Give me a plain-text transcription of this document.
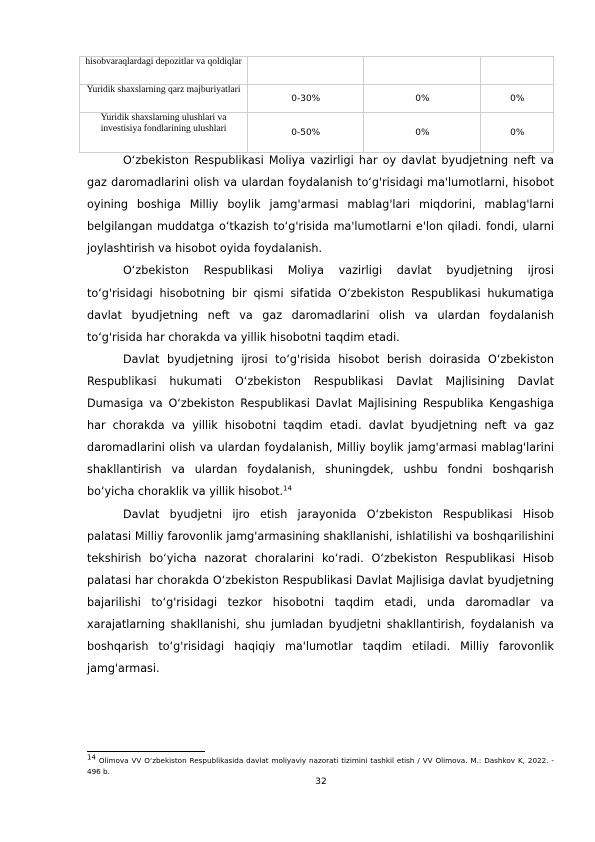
hisobvaraqlardagi depozitlar va qoldiqlar			
Yuridik shaxslarning qarz majburiyatlari	0-30%	0%	0%
Yuridik shaxslarning ulushlari va investisiya fondlarining ulushlari	0-50%	0%	0%

O‘zbekiston Respublikasi Moliya vazirligi har oy davlat byudjetning neft va gaz daromadlarini olish va ulardan foydalanish to‘g'risidagi ma'lumotlarni, hisobot oyining boshiga Milliy boylik jamg'armasi mablag'lari miqdorini, mablag'larni belgilangan muddatga o‘tkazish to‘g'risida ma'lumotlarni e'lon qiladi. fondi, ularni joylashtirish va hisobot oyida foydalanish.

O‘zbekiston Respublikasi Moliya vazirligi davlat byudjetning ijrosi to‘g'risidagi hisobotning bir qismi sifatida O‘zbekiston Respublikasi hukumatiga davlat byudjetning neft va gaz daromadlarini olish va ulardan foydalanish to‘g'risida har chorakda va yillik hisobotni taqdim etadi.

Davlat byudjetning ijrosi to‘g'risida hisobot berish doirasida O‘zbekiston Respublikasi hukumati O‘zbekiston Respublikasi Davlat Majlisining Davlat Dumasiga va O‘zbekiston Respublikasi Davlat Majlisining Respublika Kengashiga har chorakda va yillik hisobotni taqdim etadi. davlat byudjetning neft va gaz daromadlarini olish va ulardan foydalanish, Milliy boylik jamg'armasi mablag'larini shakllantirish va ulardan foydalanish, shuningdek, ushbu fondni boshqarish bo‘yicha choraklik va yillik hisobot.$^{14}$

Davlat byudjetni ijro etish jarayonida O‘zbekiston Respublikasi Hisob palatasi Milliy farovonlik jamg'armasining shakllanishi, ishlatilishi va boshqarilishini tekshirish bo‘yicha nazorat choralarini ko‘radi. O‘zbekiston Respublikasi Hisob palatasi har chorakda O‘zbekiston Respublikasi Davlat Majlisiga davlat byudjetning bajarilishi to‘g'risidagi tezkor hisobotni taqdim etadi, unda daromadlar va xarajatlarning shakllanishi, shu jumladan byudjetni shakllantirish, foydalanish va boshqarish to‘g'risidagi haqiqiy ma'lumotlar taqdim etiladi. Milliy farovonlik jamg'armasi.

$^{14}$ Olimova VV O‘zbekiston Respublikasida davlat moliyaviy nazorati tizimini tashkil etish / VV Olimova. M.: Dashkov K, 2022. - 496 b.
32
